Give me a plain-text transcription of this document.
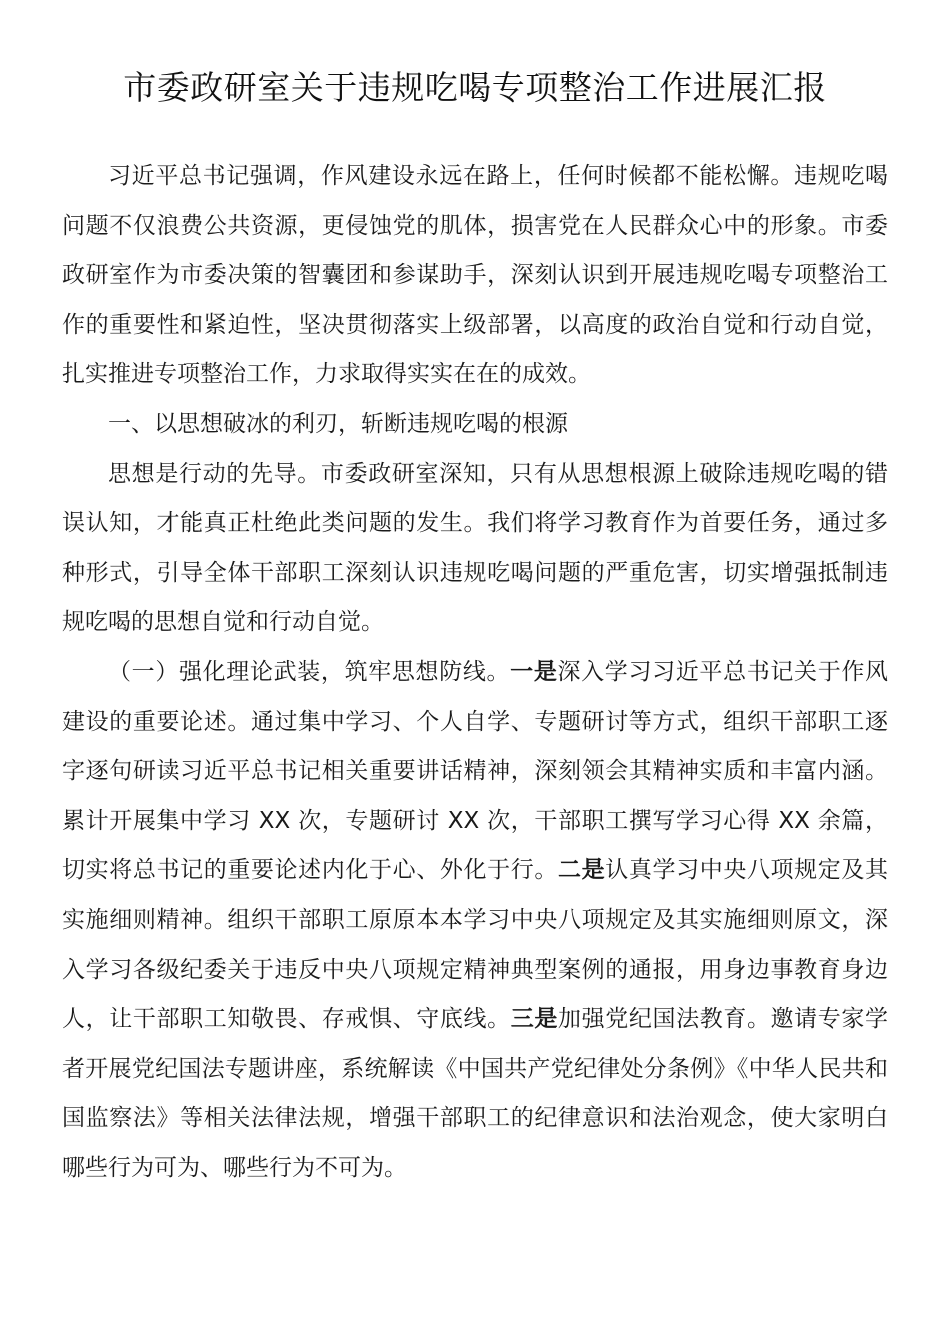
市委政研室关于违规吃喝专项整治工作进展汇报

习近平总书记强调，作风建设永远在路上，任何时候都不能松懈。违规吃喝问题不仅浪费公共资源，更侵蚀党的肌体，损害党在人民群众心中的形象。市委政研室作为市委决策的智囊团和参谋助手，深刻认识到开展违规吃喝专项整治工作的重要性和紧迫性，坚决贯彻落实上级部署，以高度的政治自觉和行动自觉，扎实推进专项整治工作，力求取得实实在在的成效。

一、以思想破冰的利刃，斩断违规吃喝的根源

思想是行动的先导。市委政研室深知，只有从思想根源上破除违规吃喝的错误认知，才能真正杜绝此类问题的发生。我们将学习教育作为首要任务，通过多种形式，引导全体干部职工深刻认识违规吃喝问题的严重危害，切实增强抵制违规吃喝的思想自觉和行动自觉。

（一）强化理论武装，筑牢思想防线。一是深入学习习近平总书记关于作风建设的重要论述。通过集中学习、个人自学、专题研讨等方式，组织干部职工逐字逐句研读习近平总书记相关重要讲话精神，深刻领会其精神实质和丰富内涵。累计开展集中学习 XX 次，专题研讨 XX 次，干部职工撰写学习心得 XX 余篇，切实将总书记的重要论述内化于心、外化于行。二是认真学习中央八项规定及其实施细则精神。组织干部职工原原本本学习中央八项规定及其实施细则原文，深入学习各级纪委关于违反中央八项规定精神典型案例的通报，用身边事教育身边人，让干部职工知敬畏、存戒惧、守底线。三是加强党纪国法教育。邀请专家学者开展党纪国法专题讲座，系统解读《中国共产党纪律处分条例》《中华人民共和国监察法》等相关法律法规，增强干部职工的纪律意识和法治观念，使大家明白哪些行为可为、哪些行为不可为。
